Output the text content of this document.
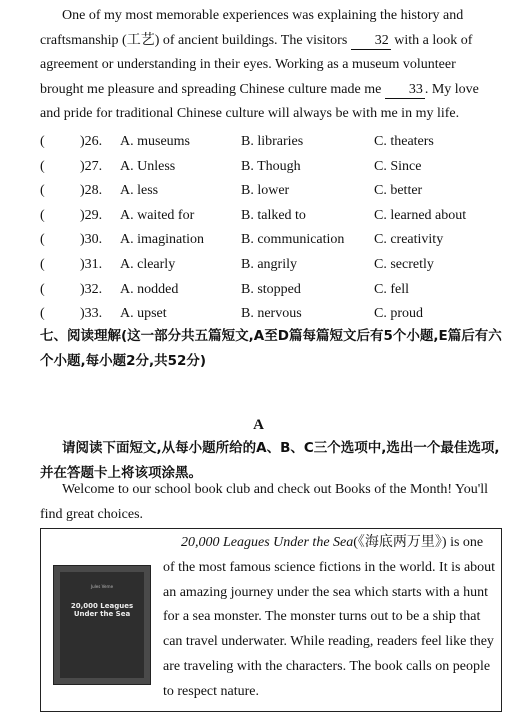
One of my most memorable experiences was explaining the history and craftsmanship (工艺) of ancient buildings. The visitors 32 with a look of agreement or understanding in their eyes. Working as a museum volunteer brought me pleasure and spreading Chinese culture made me 33 . My love and pride for traditional Chinese culture will always be with me in my life.
(	)26. A. museums	B. libraries	C. theaters
(	)27. A. Unless	B. Though	C. Since
(	)28. A. less	B. lower	C. better
(	)29. A. waited for	B. talked to	C. learned about
(	)30. A. imagination	B. communication C. creativity
(	)31. A. clearly	B. angrily	C. secretly
(	)32. A. nodded	B. stopped	C. fell
(	)33. A. upset	B. nervous	C. proud
七、阅读理解(这一部分共五篇短文,A至D篇每篇短文后有5个小题,E篇后有六个小题,每小题2分,共52分)
A
请阅读下面短文,从每小题所给的A、B、C三个选项中,选出一个最佳选项,并在答题卡上将该项涂黑。
Welcome to our school book club and check out Books of the Month! You'll find great choices.
Jules Verne
20,000 Leagues Under the Sea
20,000 Leagues Under the Sea(《海底两万里》) is one of the most famous science fictions in the world. It is about an amazing journey under the sea which starts with a hunt for a sea monster. The monster turns out to be a ship that can travel underwater. While reading, readers feel like they are traveling with the characters. The book calls on people to respect nature.
